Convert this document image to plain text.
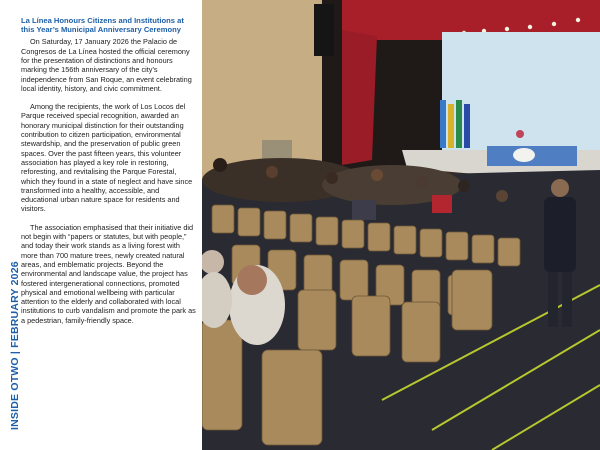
INSIDE OTWO | FEBRUARY 2026
La Línea Honours Citizens and Institutions at this Year’s Municipal Anniversary Ceremony

On Saturday, 17 January 2026 the Palacio de Congresos de La Línea hosted the official ceremony for the presentation of distinctions and honours marking the 156th anniversary of the city’s independence from San Roque, an event celebrating local identity, history, and civic commitment.

Among the recipients, the work of Los Locos del Parque received special recognition, awarded an honorary municipal distinction for their outstanding contribution to citizen participation, environmental stewardship, and the preservation of public green spaces. Over the past fifteen years, this volunteer association has played a key role in restoring, reforesting, and revitalising the Parque Forestal, which they found in a state of neglect and have since transformed into a healthy, accessible, and educational urban nature space for residents and visitors.

The association emphasised that their initiative did not begin with “papers or statutes, but with people,” and today their work stands as a living forest with more than 700 mature trees, newly created natural areas, and emblematic projects. Beyond the environmental and landscape value, the project has fostered intergenerational connections, promoted physical and emotional wellbeing with particular attention to the elderly and collaborated with local institutions to curb vandalism and promote the park as a pedestrian, family-friendly space.
